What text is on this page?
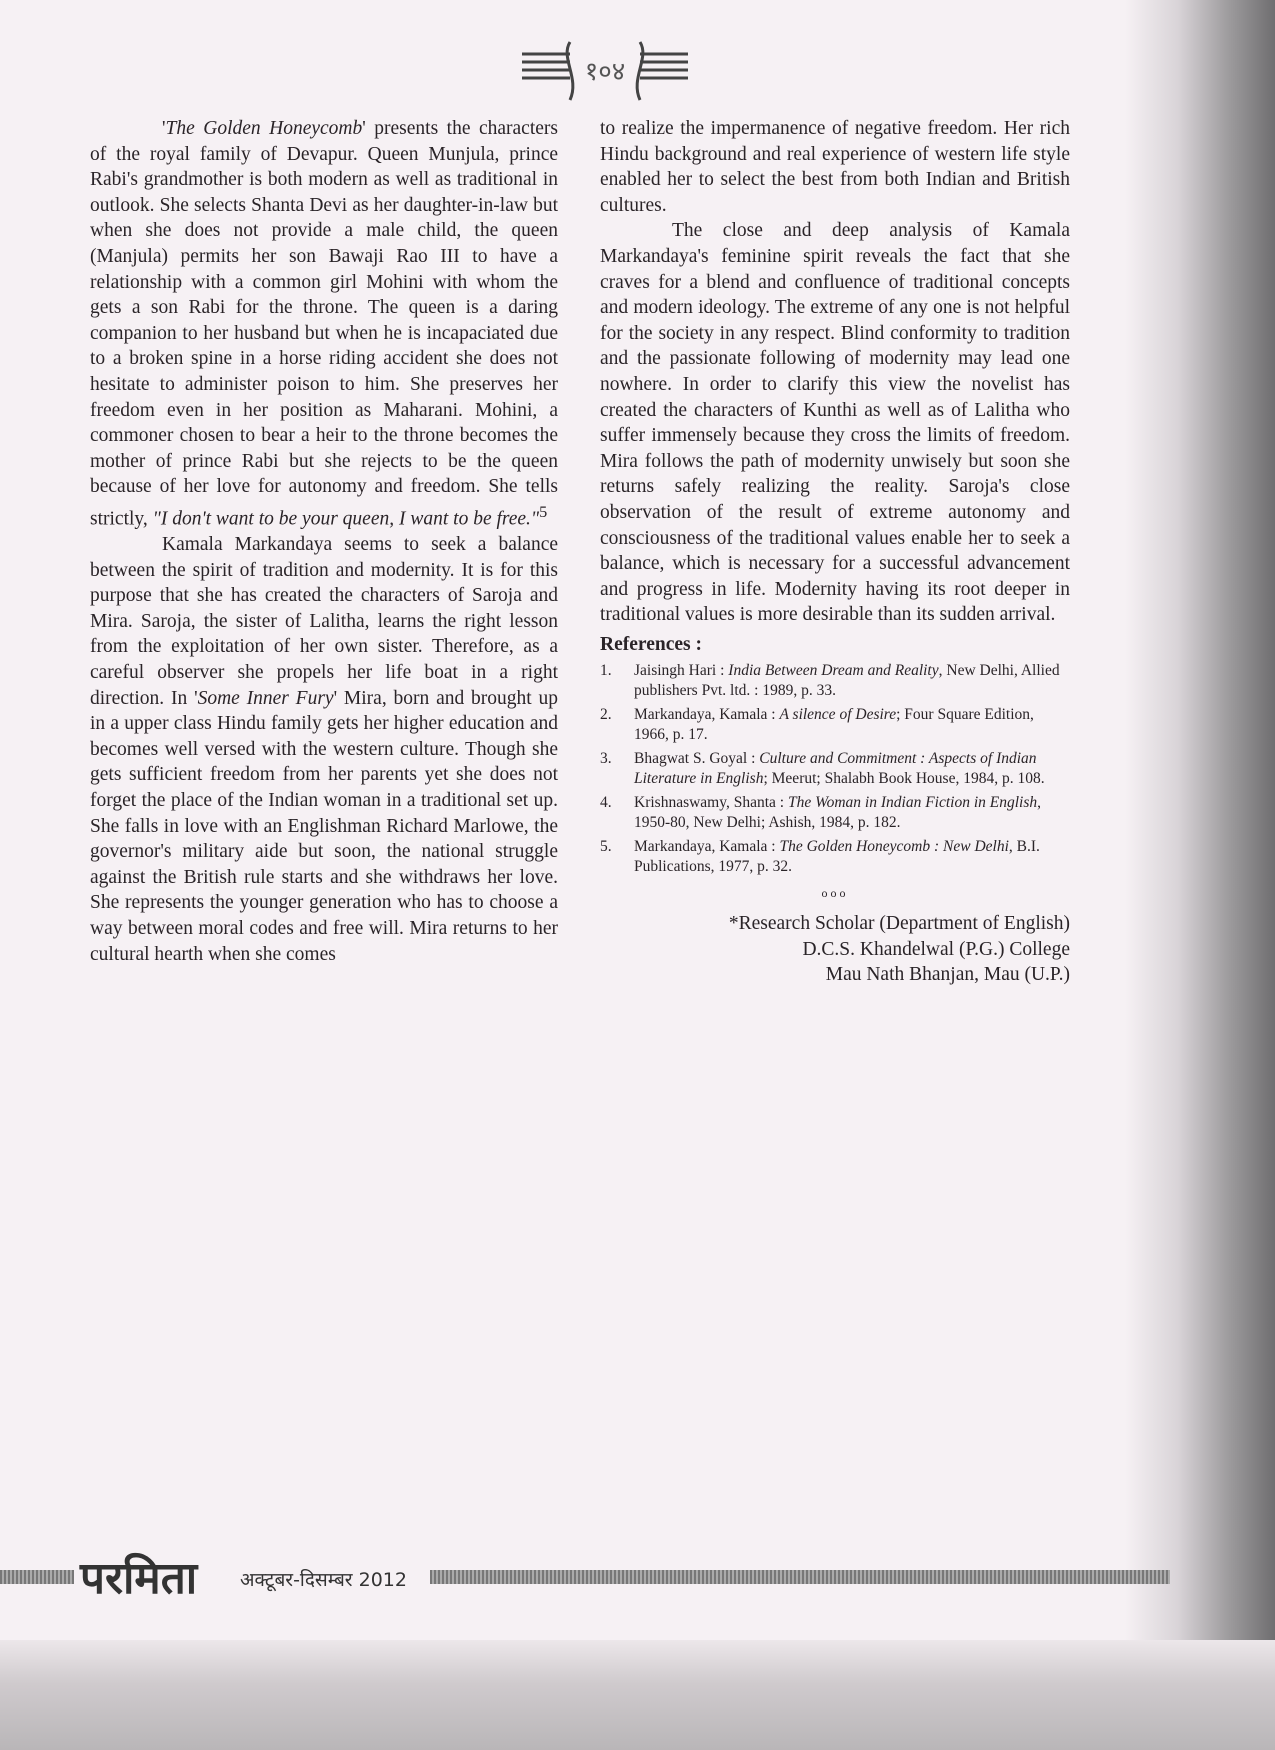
१०४

'The Golden Honeycomb' presents the characters of the royal family of Devapur. Queen Munjula, prince Rabi's grandmother is both modern as well as traditional in outlook. She selects Shanta Devi as her daughter-in-law but when she does not provide a male child, the queen (Manjula) permits her son Bawaji Rao III to have a relationship with a common girl Mohini with whom the gets a son Rabi for the throne. The queen is a daring companion to her husband but when he is incapaciated due to a broken spine in a horse riding accident she does not hesitate to administer poison to him. She preserves her freedom even in her position as Maharani. Mohini, a commoner chosen to bear a heir to the throne becomes the mother of prince Rabi but she rejects to be the queen because of her love for autonomy and freedom. She tells strictly, "I don't want to be your queen, I want to be free."$^5$

Kamala Markandaya seems to seek a balance between the spirit of tradition and modernity. It is for this purpose that she has created the characters of Saroja and Mira. Saroja, the sister of Lalitha, learns the right lesson from the exploitation of her own sister. Therefore, as a careful observer she propels her life boat in a right direction. In 'Some Inner Fury' Mira, born and brought up in a upper class Hindu family gets her higher education and becomes well versed with the western culture. Though she gets sufficient freedom from her parents yet she does not forget the place of the Indian woman in a traditional set up. She falls in love with an Englishman Richard Marlowe, the governor's military aide but soon, the national struggle against the British rule starts and she withdraws her love. She represents the younger generation who has to choose a way between moral codes and free will. Mira returns to her cultural hearth when she comes

to realize the impermanence of negative freedom. Her rich Hindu background and real experience of western life style enabled her to select the best from both Indian and British cultures.

The close and deep analysis of Kamala Markandaya's feminine spirit reveals the fact that she craves for a blend and confluence of traditional concepts and modern ideology. The extreme of any one is not helpful for the society in any respect. Blind conformity to tradition and the passionate following of modernity may lead one nowhere. In order to clarify this view the novelist has created the characters of Kunthi as well as of Lalitha who suffer immensely because they cross the limits of freedom. Mira follows the path of modernity unwisely but soon she returns safely realizing the reality. Saroja's close observation of the result of extreme autonomy and consciousness of the traditional values enable her to seek a balance, which is necessary for a successful advancement and progress in life. Modernity having its root deeper in traditional values is more desirable than its sudden arrival.

References :
1.	Jaisingh Hari : India Between Dream and Reality, New Delhi, Allied publishers Pvt. ltd. : 1989, p. 33.
2.	Markandaya, Kamala : A silence of Desire; Four Square Edition, 1966, p. 17.
3.	Bhagwat S. Goyal : Culture and Commitment : Aspects of Indian Literature in English; Meerut; Shalabh Book House, 1984, p. 108.
4.	Krishnaswamy, Shanta : The Woman in Indian Fiction in English, 1950-80, New Delhi; Ashish, 1984, p. 182.
5.	Markandaya, Kamala : The Golden Honeycomb : New Delhi, B.I. Publications, 1977, p. 32.
ooo
*Research Scholar (Department of English)
D.C.S. Khandelwal (P.G.) College
Mau Nath Bhanjan, Mau (U.P.)
परमिता अक्टूबर-दिसम्बर 2012
